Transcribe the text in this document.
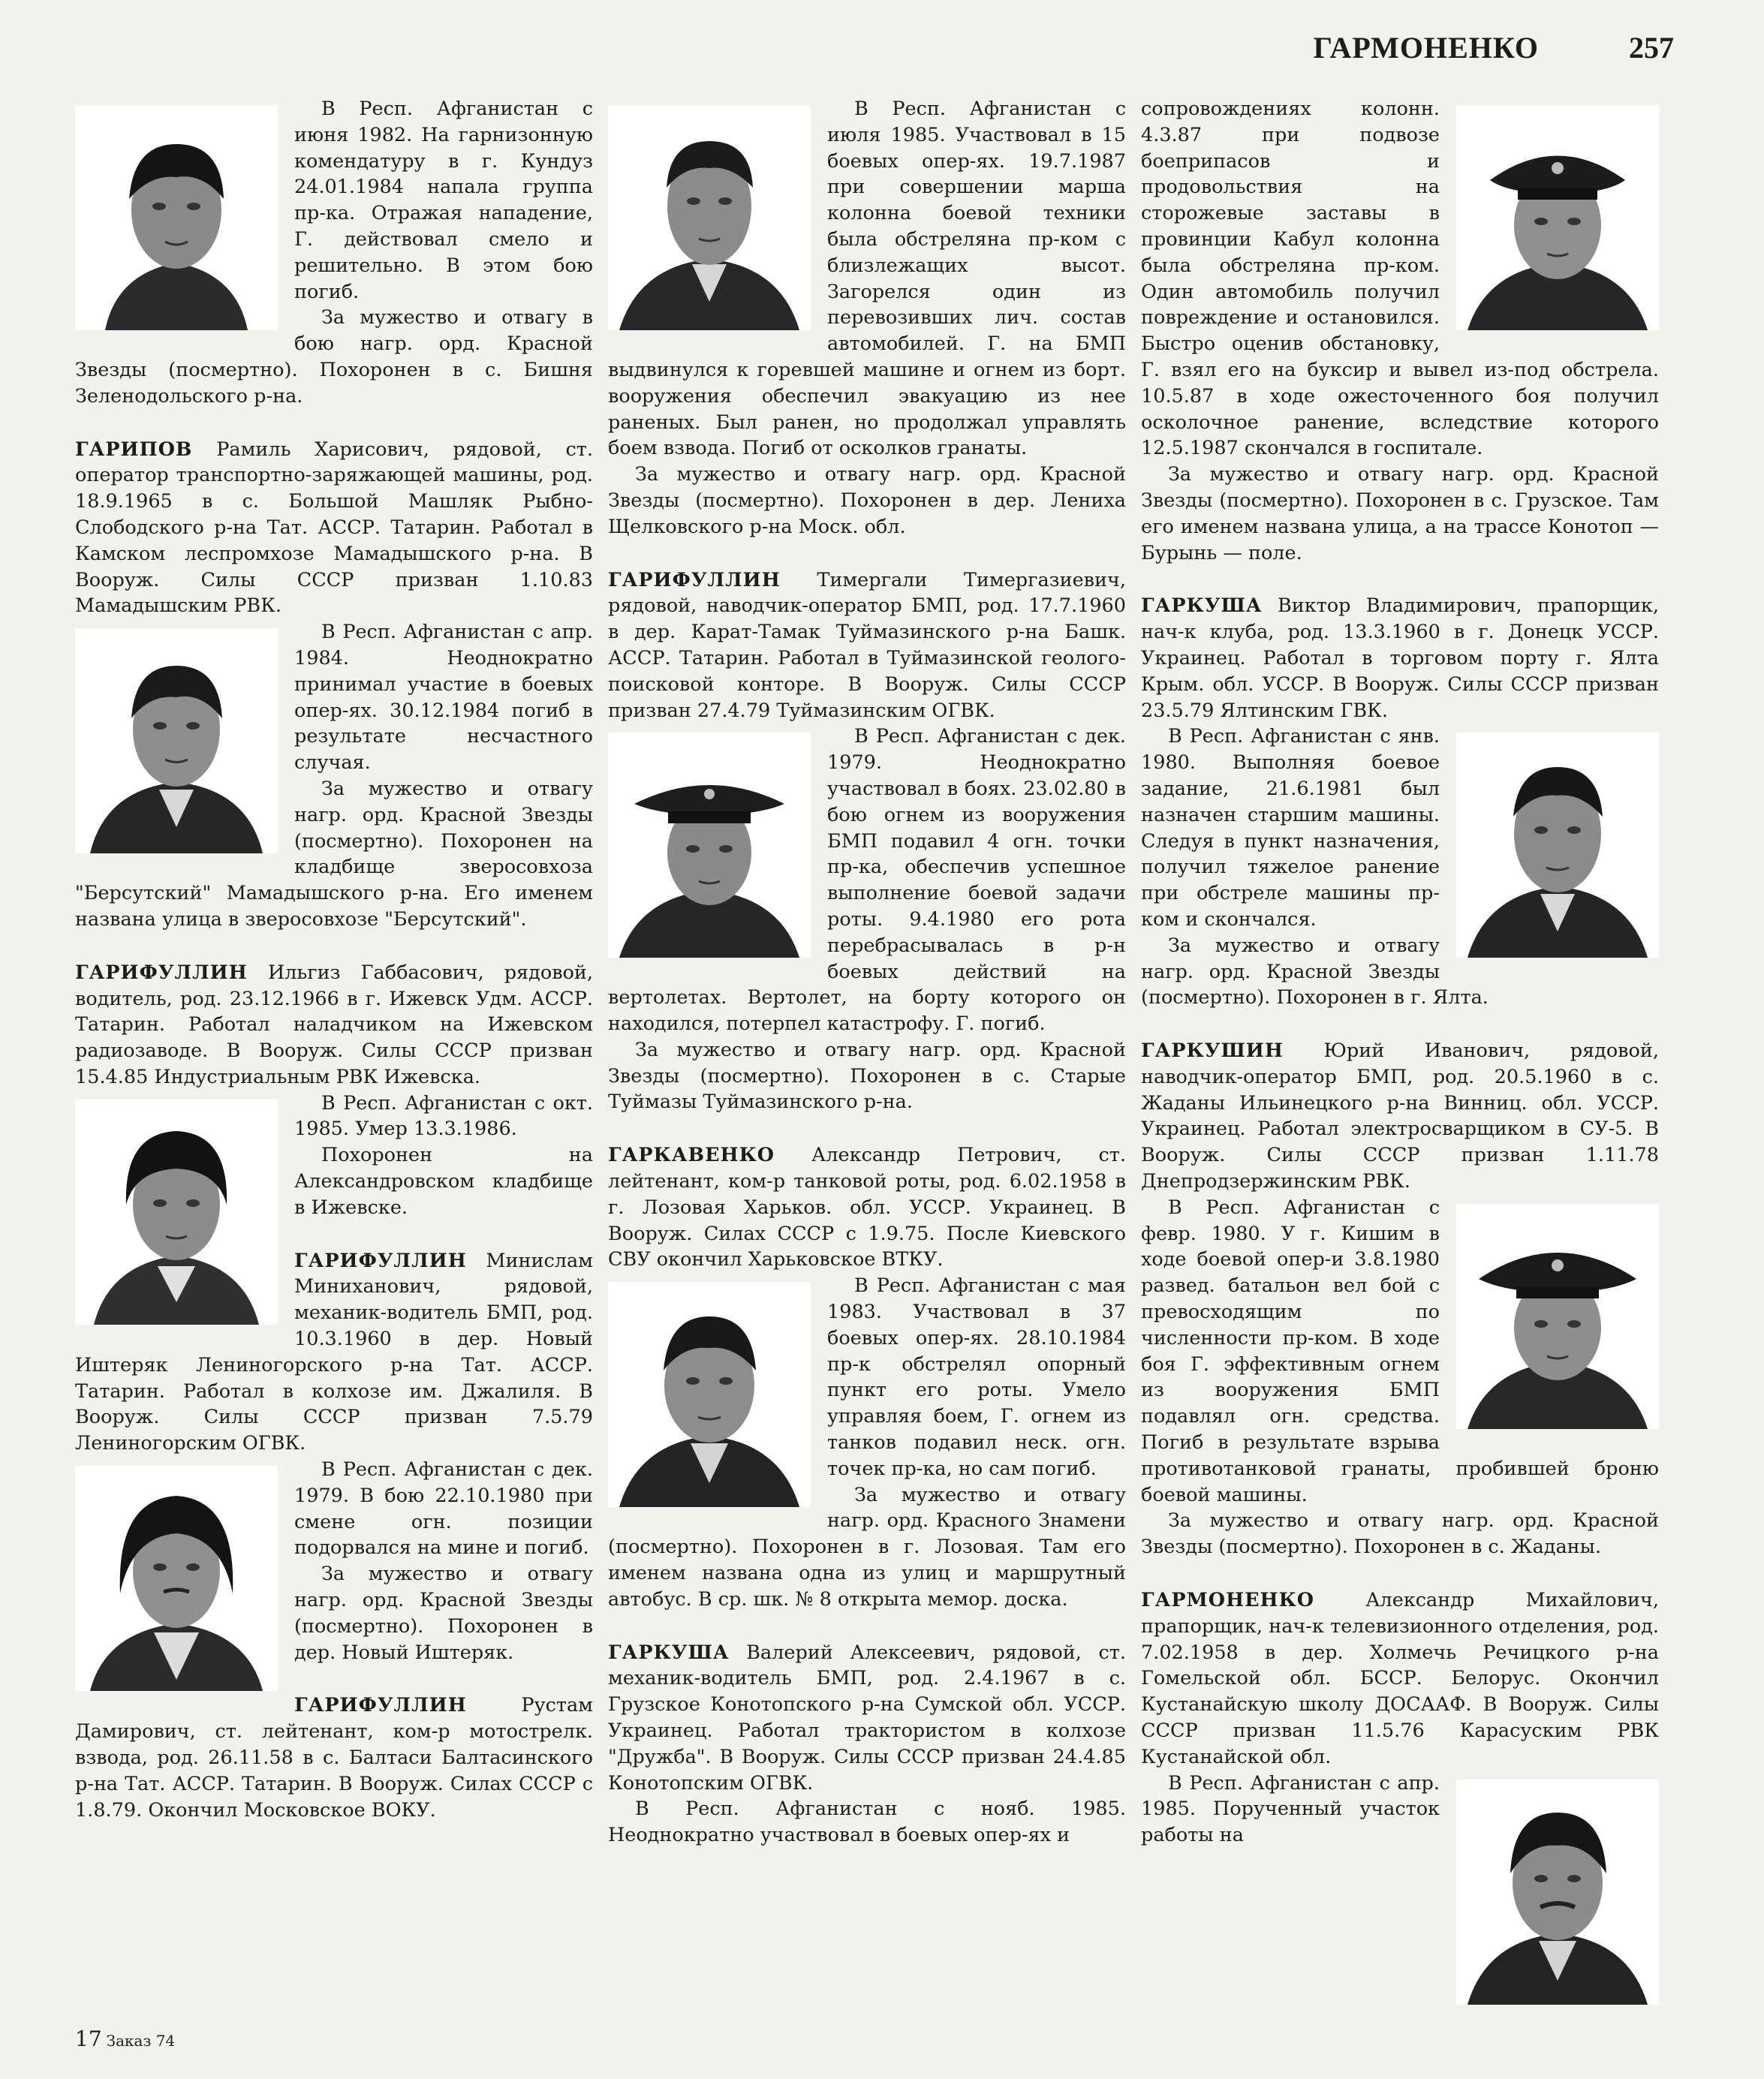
ГАРМОНЕНКО	257

В Респ. Афганистан с июня 1982. На гарнизонную комендатуру в г. Кундуз 24.01.1984 напала группа пр-ка. Отражая нападение, Г. действовал смело и решительно. В этом бою погиб.

За мужество и отвагу в бою нагр. орд. Красной Звезды (посмертно). Похоронен в с. Бишня Зеленодольского р-на.

ГАРИПОВ Рамиль Харисович, рядовой, ст. оператор транспортно-заряжающей машины, род. 18.9.1965 в с. Большой Машляк Рыбно-Слободского р-на Тат. АССР. Татарин. Работал в Камском леспромхозе Мамадышского р-на. В Вооруж. Силы СССР призван 1.10.83 Мамадышским РВК.

В Респ. Афганистан с апр. 1984. Неоднократно принимал участие в боевых опер-ях. 30.12.1984 погиб в результате несчастного случая.

За мужество и отвагу нагр. орд. Красной Звезды (посмертно). Похоронен на кладбище зверосовхоза "Берсутский" Мамадышского р-на. Его именем названа улица в зверосовхозе "Берсутский".

ГАРИФУЛЛИН Ильгиз Габбасович, рядовой, водитель, род. 23.12.1966 в г. Ижевск Удм. АССР. Татарин. Работал наладчиком на Ижевском радиозаводе. В Вооруж. Силы СССР призван 15.4.85 Индустриальным РВК Ижевска.

В Респ. Афганистан с окт. 1985. Умер 13.3.1986.

Похоронен на Александровском кладбище в Ижевске.

ГАРИФУЛЛИН Минислам Миниханович, рядовой, механик-водитель БМП, род. 10.3.1960 в дер. Новый Иштеряк Лениногорского р-на Тат. АССР. Татарин. Работал в колхозе им. Джалиля. В Вооруж. Силы СССР призван 7.5.79 Лениногорским ОГВК.

В Респ. Афганистан с дек. 1979. В бою 22.10.1980 при смене огн. позиции подорвался на мине и погиб.

За мужество и отвагу нагр. орд. Красной Звезды (посмертно). Похоронен в дер. Новый Иштеряк.

ГАРИФУЛЛИН	Рустам Дамирович, ст. лейтенант, ком-р мотострелк. взвода, род. 26.11.58 в с. Балтаси Балтасинского р-на Тат. АССР. Татарин. В Вооруж. Силах СССР с 1.8.79. Окончил Московское ВОКУ.

В Респ. Афганистан с июля 1985. Участвовал в 15 боевых опер-ях. 19.7.1987 при совершении марша колонна боевой техники была обстреляна пр-ком с близлежащих высот. Загорелся один из перевозивших лич. состав автомобилей. Г. на БМП выдвинулся к горевшей машине и огнем из борт. вооружения обеспечил эвакуацию из нее раненых. Был ранен, но продолжал управлять боем взвода. Погиб от осколков гранаты.

За мужество и отвагу нагр. орд. Красной Звезды (посмертно). Похоронен в дер. Лениха Щелковского р-на Моск. обл.

ГАРИФУЛЛИН Тимергали Тимергазиевич, рядовой, наводчик-оператор БМП, род. 17.7.1960 в дер. Карат-Тамак Туймазинского р-на Башк. АССР. Татарин. Работал в Туймазинской геолого-поисковой конторе. В Вооруж. Силы СССР призван 27.4.79 Туймазинским ОГВК.

В Респ. Афганистан с дек. 1979. Неоднократно участвовал в боях. 23.02.80 в бою огнем из вооружения БМП подавил 4 огн. точки пр-ка, обеспечив успешное выполнение боевой задачи роты. 9.4.1980 его рота перебрасывалась в р-н боевых действий на вертолетах. Вертолет, на борту которого он находился, потерпел катастрофу. Г. погиб.

За мужество и отвагу нагр. орд. Красной Звезды (посмертно). Похоронен в с. Старые Туймазы Туймазинского р-на.

ГАРКАВЕНКО Александр Петрович, ст. лейтенант, ком-р танковой роты, род. 6.02.1958 в г. Лозовая Харьков. обл. УССР. Украинец. В Вооруж. Силах СССР с 1.9.75. После Киевского СВУ окончил Харьковское ВТКУ.

В Респ. Афганистан с мая 1983. Участвовал в 37 боевых опер-ях. 28.10.1984 пр-к обстрелял опорный пункт его роты. Умело управляя боем, Г. огнем из танков подавил неск. огн. точек пр-ка, но сам погиб.

За мужество и отвагу нагр. орд. Красного Знамени (посмертно). Похоронен в г. Лозовая. Там его именем названа одна из улиц и маршрутный автобус. В ср. шк. № 8 открыта мемор. доска.

ГАРКУША Валерий Алексеевич, рядовой, ст. механик-водитель БМП, род. 2.4.1967 в с. Грузское Конотопского р-на Сумской обл. УССР. Украинец. Работал трактористом в колхозе "Дружба". В Вооруж. Силы СССР призван 24.4.85 Конотопским ОГВК.

В Респ. Афганистан с нояб. 1985. Неоднократно участвовал в боевых опер-ях и

сопровождениях колонн. 4.3.87 при подвозе боеприпасов и продовольствия на сторожевые заставы в провинции Кабул колонна была обстреляна пр-ком. Один автомобиль получил повреждение и остановился. Быстро оценив обстановку, Г. взял его на буксир и вывел из-под обстрела. 10.5.87 в ходе ожесточенного боя получил осколочное ранение, вследствие которого 12.5.1987 скончался в госпитале.

За мужество и отвагу нагр. орд. Красной Звезды (посмертно). Похоронен в с. Грузское. Там его именем названа улица, а на трассе Конотоп — Бурынь — поле.

ГАРКУША Виктор Владимирович, прапорщик, нач-к клуба, род. 13.3.1960 в г. Донецк УССР. Украинец. Работал в торговом порту г. Ялта Крым. обл. УССР. В Вооруж. Силы СССР призван 23.5.79 Ялтинским ГВК.

В Респ. Афганистан с янв. 1980. Выполняя боевое задание, 21.6.1981 был назначен старшим машины. Следуя в пункт назначения, получил тяжелое ранение при обстреле машины пр-ком и скончался.

За мужество и отвагу нагр. орд. Красной Звезды (посмертно). Похоронен в г. Ялта.

ГАРКУШИН Юрий Иванович, рядовой, наводчик-оператор БМП, род. 20.5.1960 в с. Жаданы Ильинецкого р-на Винниц. обл. УССР. Украинец. Работал электросварщиком в СУ-5. В Вооруж. Силы СССР призван 1.11.78 Днепродзержинским РВК.

В Респ. Афганистан с февр. 1980. У г. Кишим в ходе боевой опер-и 3.8.1980 развед. батальон вел бой с превосходящим по численности пр-ком. В ходе боя Г. эффективным огнем из вооружения БМП подавлял огн. средства. Погиб в результате взрыва противотанковой гранаты, пробившей броню боевой машины.

За мужество и отвагу нагр. орд. Красной Звезды (посмертно). Похоронен в с. Жаданы.

ГАРМОНЕНКО	Александр Михайлович, прапорщик, нач-к телевизионного отделения, род. 7.02.1958 в дер. Холмечь Речицкого р-на Гомельской обл. БССР. Белорус. Окончил Кустанайскую школу ДОСААФ. В Вооруж. Силы СССР призван 11.5.76 Карасуским РВК Кустанайской обл.

В Респ. Афганистан с апр. 1985. Порученный участок работы на

17 Заказ 74
